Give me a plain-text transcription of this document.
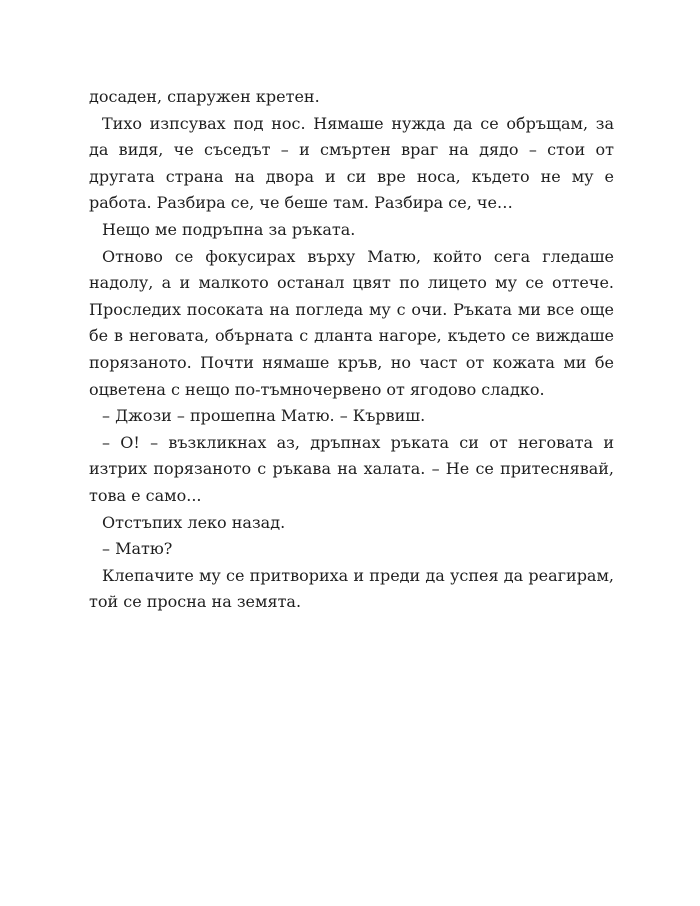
досаден, спаружен кретен.

Тихо изпсувах под нос. Нямаше нужда да се обръщам, за да видя, че съседът – и смъртен враг на дядо – стои от другата страна на двора и си вре носа, където не му е работа. Разбира се, че беше там. Разбира се, че…

Нещо ме подръпна за ръката.

Отново се фокусирах върху Матю, който сега гледаше надолу, а и малкото останал цвят по лицето му се оттече. Проследих посоката на погледа му с очи. Ръката ми все още бе в неговата, обърната с дланта нагоре, където се виждаше порязаното. Почти нямаше кръв, но част от кожата ми бе оцветена с нещо по-тъмночервено от ягодово сладко.

– Джози – прошепна Матю. – Кървиш.

– О! – възкликнах аз, дръпнах ръката си от неговата и изтрих порязаното с ръкава на халата. – Не се притеснявай, това е само...

Отстъпих леко назад.

– Матю?

Клепачите му се притвориха и преди да успея да реагирам, той се просна на земята.
